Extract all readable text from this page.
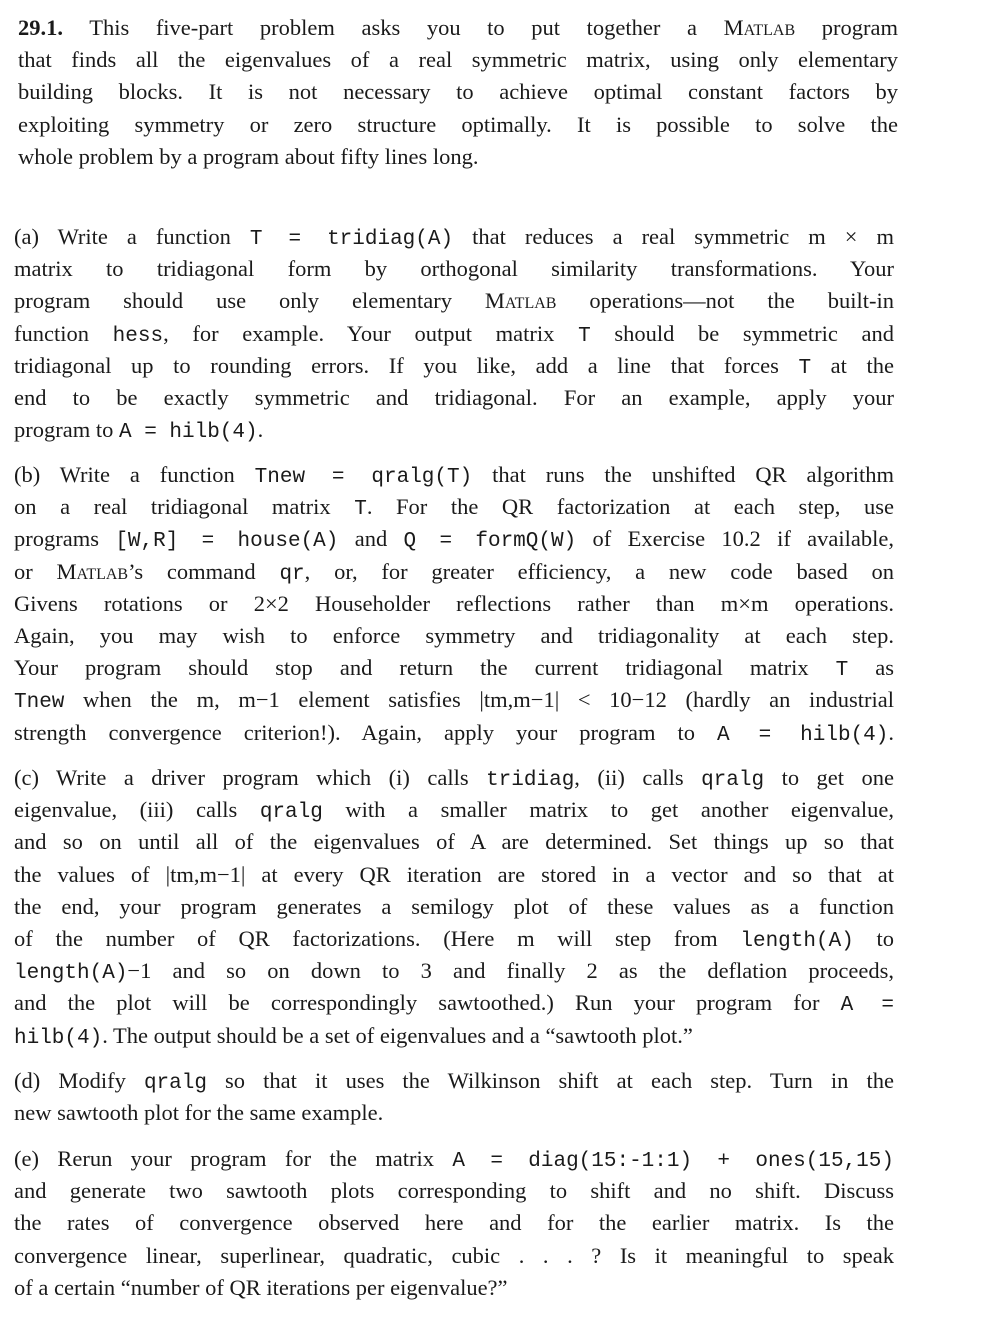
29.1. This five-part problem asks you to put together a Matlab program
that finds all the eigenvalues of a real symmetric matrix, using only elementary
building blocks. It is not necessary to achieve optimal constant factors by
exploiting symmetry or zero structure optimally. It is possible to solve the
whole problem by a program about fifty lines long.
(a) Write a function T = tridiag(A) that reduces a real symmetric m × m
matrix to tridiagonal form by orthogonal similarity transformations. Your
program should use only elementary Matlab operations—not the built-in
function hess, for example. Your output matrix T should be symmetric and
tridiagonal up to rounding errors. If you like, add a line that forces T at the
end to be exactly symmetric and tridiagonal. For an example, apply your
program to A = hilb(4).
(b) Write a function Tnew = qralg(T) that runs the unshifted QR algorithm
on a real tridiagonal matrix T. For the QR factorization at each step, use
programs [W,R] = house(A) and Q = formQ(W) of Exercise 10.2 if available,
or Matlab’s command qr, or, for greater efficiency, a new code based on
Givens rotations or 2×2 Householder reflections rather than m×m operations.
Again, you may wish to enforce symmetry and tridiagonality at each step.
Your program should stop and return the current tridiagonal matrix T as
Tnew when the m, m−1 element satisfies |tm,m−1| < 10−12 (hardly an industrial
strength convergence criterion!). Again, apply your program to A = hilb(4).
(c) Write a driver program which (i) calls tridiag, (ii) calls qralg to get one
eigenvalue, (iii) calls qralg with a smaller matrix to get another eigenvalue,
and so on until all of the eigenvalues of A are determined. Set things up so that
the values of |tm,m−1| at every QR iteration are stored in a vector and so that at
the end, your program generates a semilogy plot of these values as a function
of the number of QR factorizations. (Here m will step from length(A) to
length(A)−1 and so on down to 3 and finally 2 as the deflation proceeds,
and the plot will be correspondingly sawtoothed.) Run your program for A =
hilb(4). The output should be a set of eigenvalues and a “sawtooth plot.”
(d) Modify qralg so that it uses the Wilkinson shift at each step. Turn in the
new sawtooth plot for the same example.
(e) Rerun your program for the matrix A = diag(15:-1:1) + ones(15,15)
and generate two sawtooth plots corresponding to shift and no shift. Discuss
the rates of convergence observed here and for the earlier matrix. Is the
convergence linear, superlinear, quadratic, cubic . . . ? Is it meaningful to speak
of a certain “number of QR iterations per eigenvalue?”
